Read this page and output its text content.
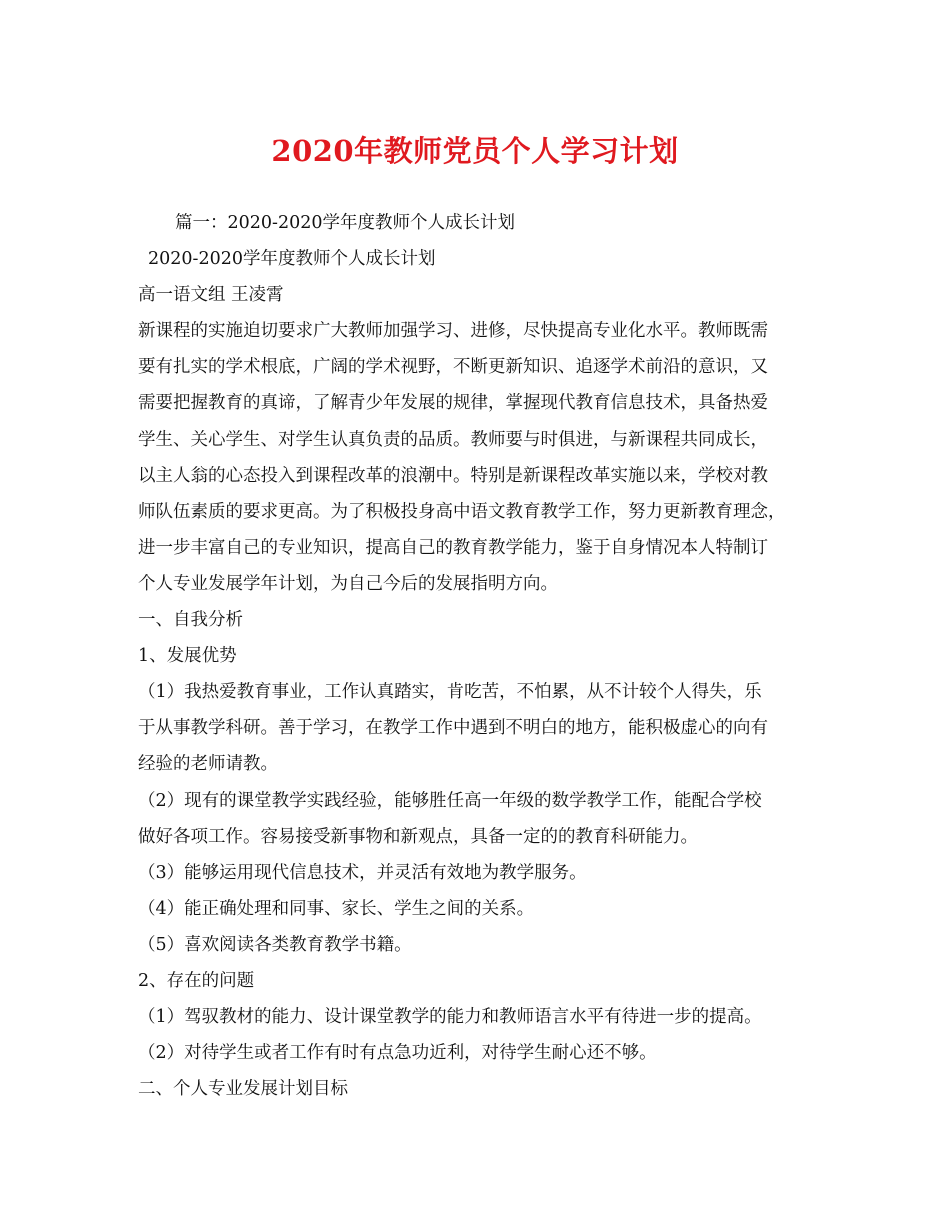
2020年教师党员个人学习计划
篇一：2020-2020学年度教师个人成长计划
2020-2020学年度教师个人成长计划
高一语文组 王凌霄
新课程的实施迫切要求广大教师加强学习、进修，尽快提高专业化水平。教师既需
要有扎实的学术根底，广阔的学术视野，不断更新知识、追逐学术前沿的意识，又
需要把握教育的真谛，了解青少年发展的规律，掌握现代教育信息技术，具备热爱
学生、关心学生、对学生认真负责的品质。教师要与时俱进，与新课程共同成长，
以主人翁的心态投入到课程改革的浪潮中。特别是新课程改革实施以来，学校对教
师队伍素质的要求更高。为了积极投身高中语文教育教学工作，努力更新教育理念，
进一步丰富自己的专业知识，提高自己的教育教学能力，鉴于自身情况本人特制订
个人专业发展学年计划，为自己今后的发展指明方向。
一、自我分析
1、发展优势
（1）我热爱教育事业，工作认真踏实，肯吃苦，不怕累，从不计较个人得失，乐
于从事教学科研。善于学习，在教学工作中遇到不明白的地方，能积极虚心的向有
经验的老师请教。
（2）现有的课堂教学实践经验，能够胜任高一年级的数学教学工作，能配合学校
做好各项工作。容易接受新事物和新观点，具备一定的的教育科研能力。
（3）能够运用现代信息技术，并灵活有效地为教学服务。
（4）能正确处理和同事、家长、学生之间的关系。
（5）喜欢阅读各类教育教学书籍。
2、存在的问题
（1）驾驭教材的能力、设计课堂教学的能力和教师语言水平有待进一步的提高。
（2）对待学生或者工作有时有点急功近利，对待学生耐心还不够。
二、个人专业发展计划目标
